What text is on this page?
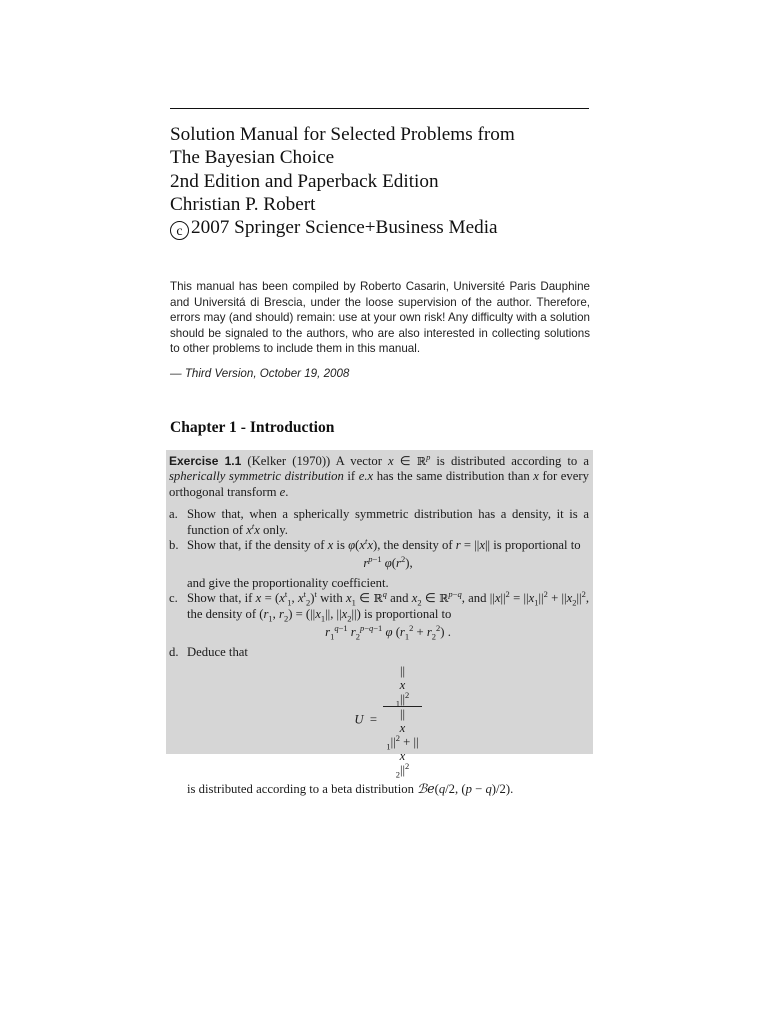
Solution Manual for Selected Problems from
The Bayesian Choice
2nd Edition and Paperback Edition
Christian P. Robert
c 2007 Springer Science+Business Media

This manual has been compiled by Roberto Casarin, Université Paris Dauphine and Universitá di Brescia, under the loose supervision of the author. Therefore, errors may (and should) remain: use at your own risk! Any difficulty with a solution should be signaled to the authors, who are also interested in collecting solutions to other problems to include them in this manual.

— Third Version, October 19, 2008

Chapter 1 - Introduction

Exercise 1.1 (Kelker (1970)) A vector x ∈ ℝ$^p$ is distributed according to a spherically symmetric distribution if e.x has the same distribution than x for every orthogonal transform e.

a. Show that, when a spherically symmetric distribution has a density, it is a function of $x^tx$ only.
b. Show that, if the density of x is $\varphi(x^tx)$, the density of r = ||x|| is proportional to
$r^{p-1}$ $\varphi(r^2)$,
and give the proportionality coefficient.
c. Show that, if $x = (x^t_1$, $x^t_2)^t$ with $x_1$ ∈ ℝ$^q$ and $x_2$ ∈ ℝ$^{p-q}$, and $||x||^2 = ||x_1||^2 + ||x_2||^2$, the density of ($r_1$, $r_2) = (||x_1||$, $||x_2||$) is proportional to
$r_1^{q-1}$ $r_2^{p-q-1}$ φ $(r_1^2 + r_2^2)$ .
d. Deduce that
U  = ||
x
$_1||^2$
||
x
$_1||^2$ + ||
x
$_2||^2$
is distributed according to a beta distribution ℬe(q/2, (p − q)/2).
